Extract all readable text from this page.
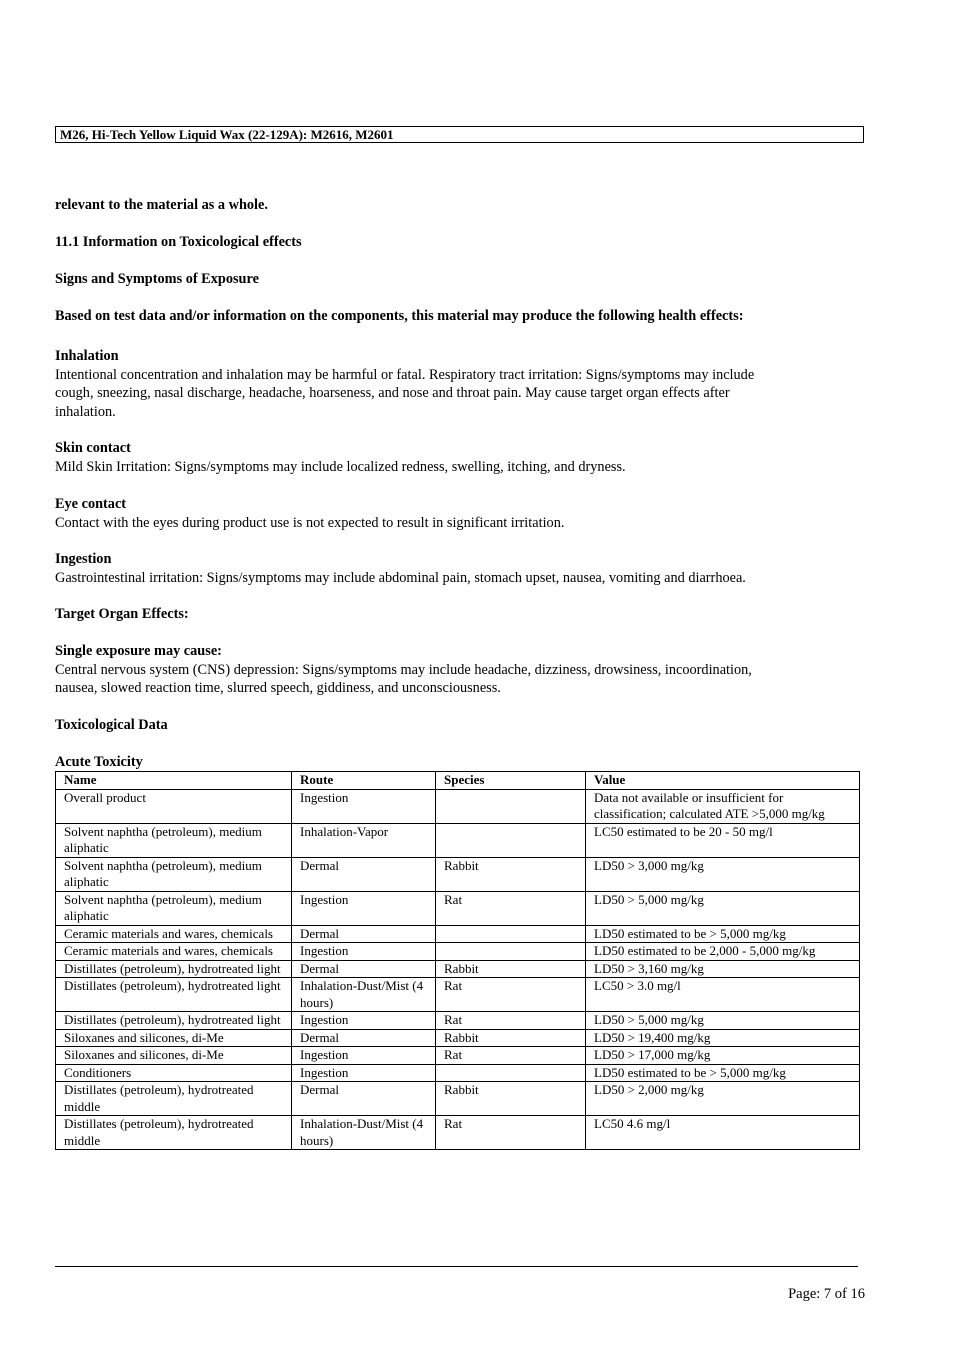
M26, Hi-Tech Yellow Liquid Wax (22-129A): M2616, M2601
relevant to the material as a whole.
11.1 Information on Toxicological effects
Signs and Symptoms of Exposure
Based on test data and/or information on the components, this material may produce the following health effects:
Inhalation
Intentional concentration and inhalation may be harmful or fatal. Respiratory tract irritation: Signs/symptoms may include
cough, sneezing, nasal discharge, headache, hoarseness, and nose and throat pain. May cause target organ effects after
inhalation.
Skin contact
Mild Skin Irritation: Signs/symptoms may include localized redness, swelling, itching, and dryness.
Eye contact
Contact with the eyes during product use is not expected to result in significant irritation.
Ingestion
Gastrointestinal irritation: Signs/symptoms may include abdominal pain, stomach upset, nausea, vomiting and diarrhoea.
Target Organ Effects:
Single exposure may cause:
Central nervous system (CNS) depression: Signs/symptoms may include headache, dizziness, drowsiness, incoordination,
nausea, slowed reaction time, slurred speech, giddiness, and unconsciousness.
Toxicological Data
Acute Toxicity
Name	Route	Species	Value
Overall product	Ingestion		Data not available or insufficient for classification; calculated ATE >5,000 mg/kg
Solvent naphtha (petroleum), medium aliphatic	Inhalation-Vapor		LC50 estimated to be 20 - 50 mg/l
Solvent naphtha (petroleum), medium aliphatic	Dermal	Rabbit	LD50 > 3,000 mg/kg
Solvent naphtha (petroleum), medium aliphatic	Ingestion	Rat	LD50 > 5,000 mg/kg
Ceramic materials and wares, chemicals	Dermal		LD50 estimated to be > 5,000 mg/kg
Ceramic materials and wares, chemicals	Ingestion		LD50 estimated to be 2,000 - 5,000 mg/kg
Distillates (petroleum), hydrotreated light	Dermal	Rabbit	LD50 > 3,160 mg/kg
Distillates (petroleum), hydrotreated light	Inhalation-Dust/Mist (4 hours)	Rat	LC50 > 3.0 mg/l
Distillates (petroleum), hydrotreated light	Ingestion	Rat	LD50 > 5,000 mg/kg
Siloxanes and silicones, di-Me	Dermal	Rabbit	LD50 > 19,400 mg/kg
Siloxanes and silicones, di-Me	Ingestion	Rat	LD50 > 17,000 mg/kg
Conditioners	Ingestion		LD50 estimated to be > 5,000 mg/kg
Distillates (petroleum), hydrotreated middle	Dermal	Rabbit	LD50 > 2,000 mg/kg
Distillates (petroleum), hydrotreated middle	Inhalation-Dust/Mist (4 hours)	Rat	LC50 4.6 mg/l
Page: 7 of 16
